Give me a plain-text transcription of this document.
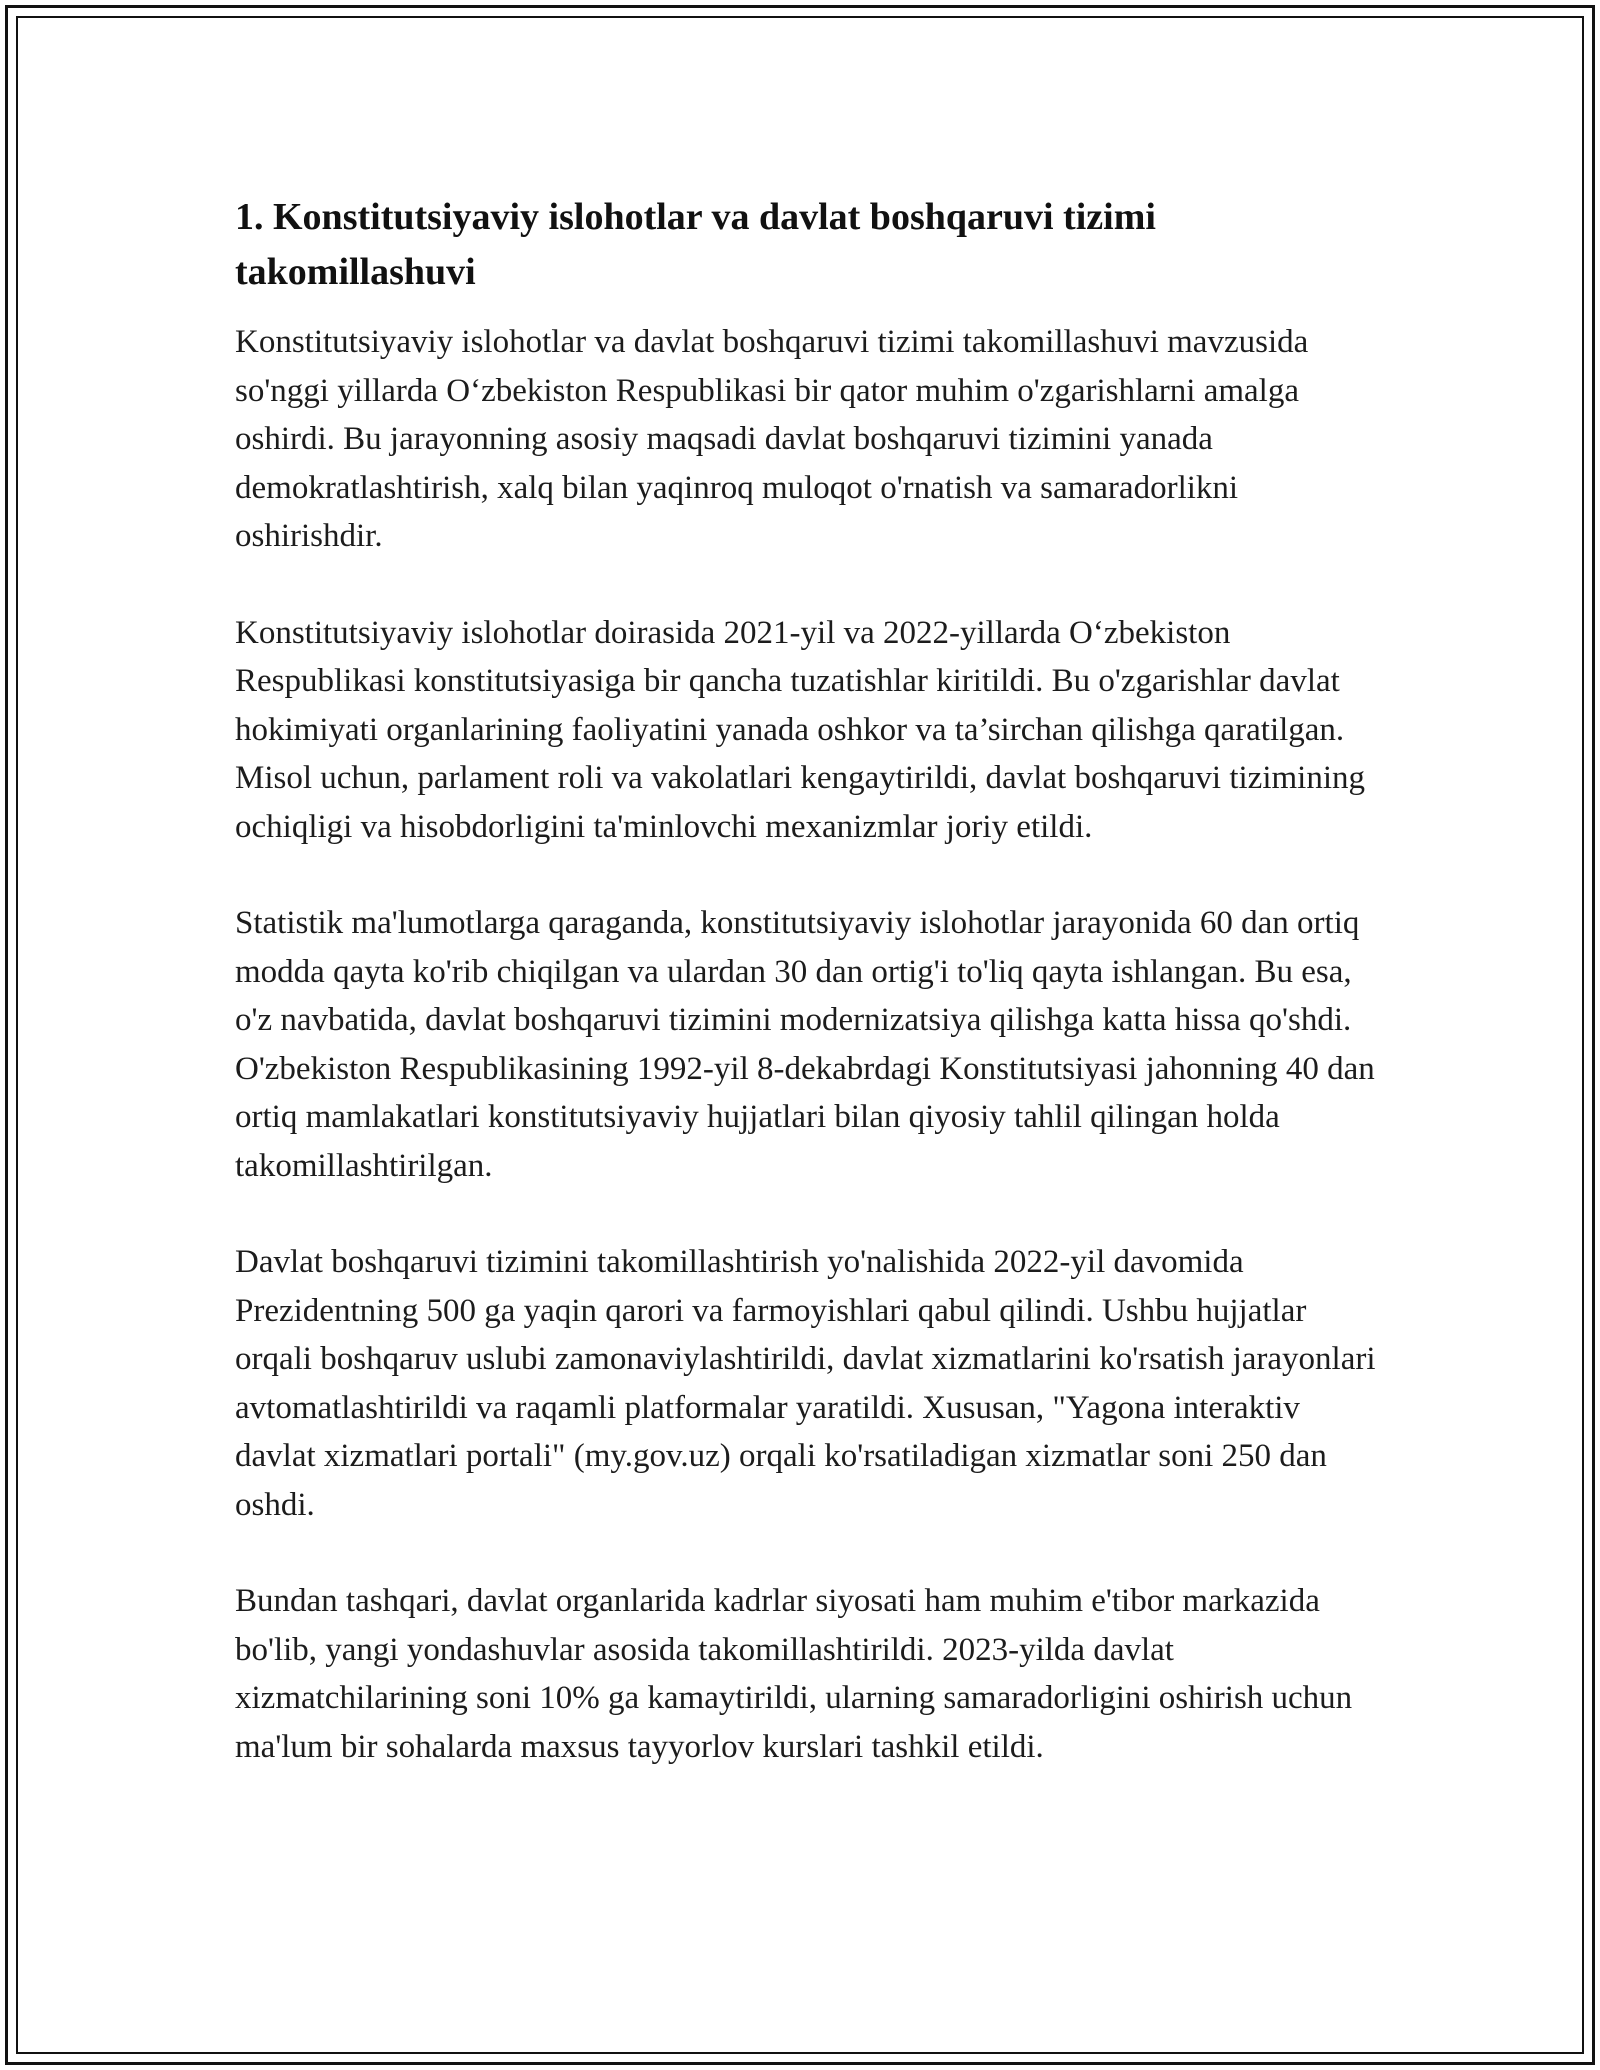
1. Konstitutsiyaviy islohotlar va davlat boshqaruvi tizimi takomillashuvi

Konstitutsiyaviy islohotlar va davlat boshqaruvi tizimi takomillashuvi mavzusida so'nggi yillarda O‘zbekiston Respublikasi bir qator muhim o'zgarishlarni amalga oshirdi. Bu jarayonning asosiy maqsadi davlat boshqaruvi tizimini yanada demokratlashtirish, xalq bilan yaqinroq muloqot o'rnatish va samaradorlikni oshirishdir.

Konstitutsiyaviy islohotlar doirasida 2021-yil va 2022-yillarda O‘zbekiston Respublikasi konstitutsiyasiga bir qancha tuzatishlar kiritildi. Bu o'zgarishlar davlat hokimiyati organlarining faoliyatini yanada oshkor va ta’sirchan qilishga qaratilgan. Misol uchun, parlament roli va vakolatlari kengaytirildi, davlat boshqaruvi tizimining ochiqligi va hisobdorligini ta'minlovchi mexanizmlar joriy etildi.

Statistik ma'lumotlarga qaraganda, konstitutsiyaviy islohotlar jarayonida 60 dan ortiq modda qayta ko'rib chiqilgan va ulardan 30 dan ortig'i to'liq qayta ishlangan. Bu esa, o'z navbatida, davlat boshqaruvi tizimini modernizatsiya qilishga katta hissa qo'shdi. O'zbekiston Respublikasining 1992-yil 8-dekabrdagi Konstitutsiyasi jahonning 40 dan ortiq mamlakatlari konstitutsiyaviy hujjatlari bilan qiyosiy tahlil qilingan holda takomillashtirilgan.

Davlat boshqaruvi tizimini takomillashtirish yo'nalishida 2022-yil davomida Prezidentning 500 ga yaqin qarori va farmoyishlari qabul qilindi. Ushbu hujjatlar orqali boshqaruv uslubi zamonaviylashtirildi, davlat xizmatlarini ko'rsatish jarayonlari avtomatlashtirildi va raqamli platformalar yaratildi. Xususan, "Yagona interaktiv davlat xizmatlari portali" (my.gov.uz) orqali ko'rsatiladigan xizmatlar soni 250 dan oshdi.

Bundan tashqari, davlat organlarida kadrlar siyosati ham muhim e'tibor markazida bo'lib, yangi yondashuvlar asosida takomillashtirildi. 2023-yilda davlat xizmatchilarining soni 10% ga kamaytirildi, ularning samaradorligini oshirish uchun ma'lum bir sohalarda maxsus tayyorlov kurslari tashkil etildi.
